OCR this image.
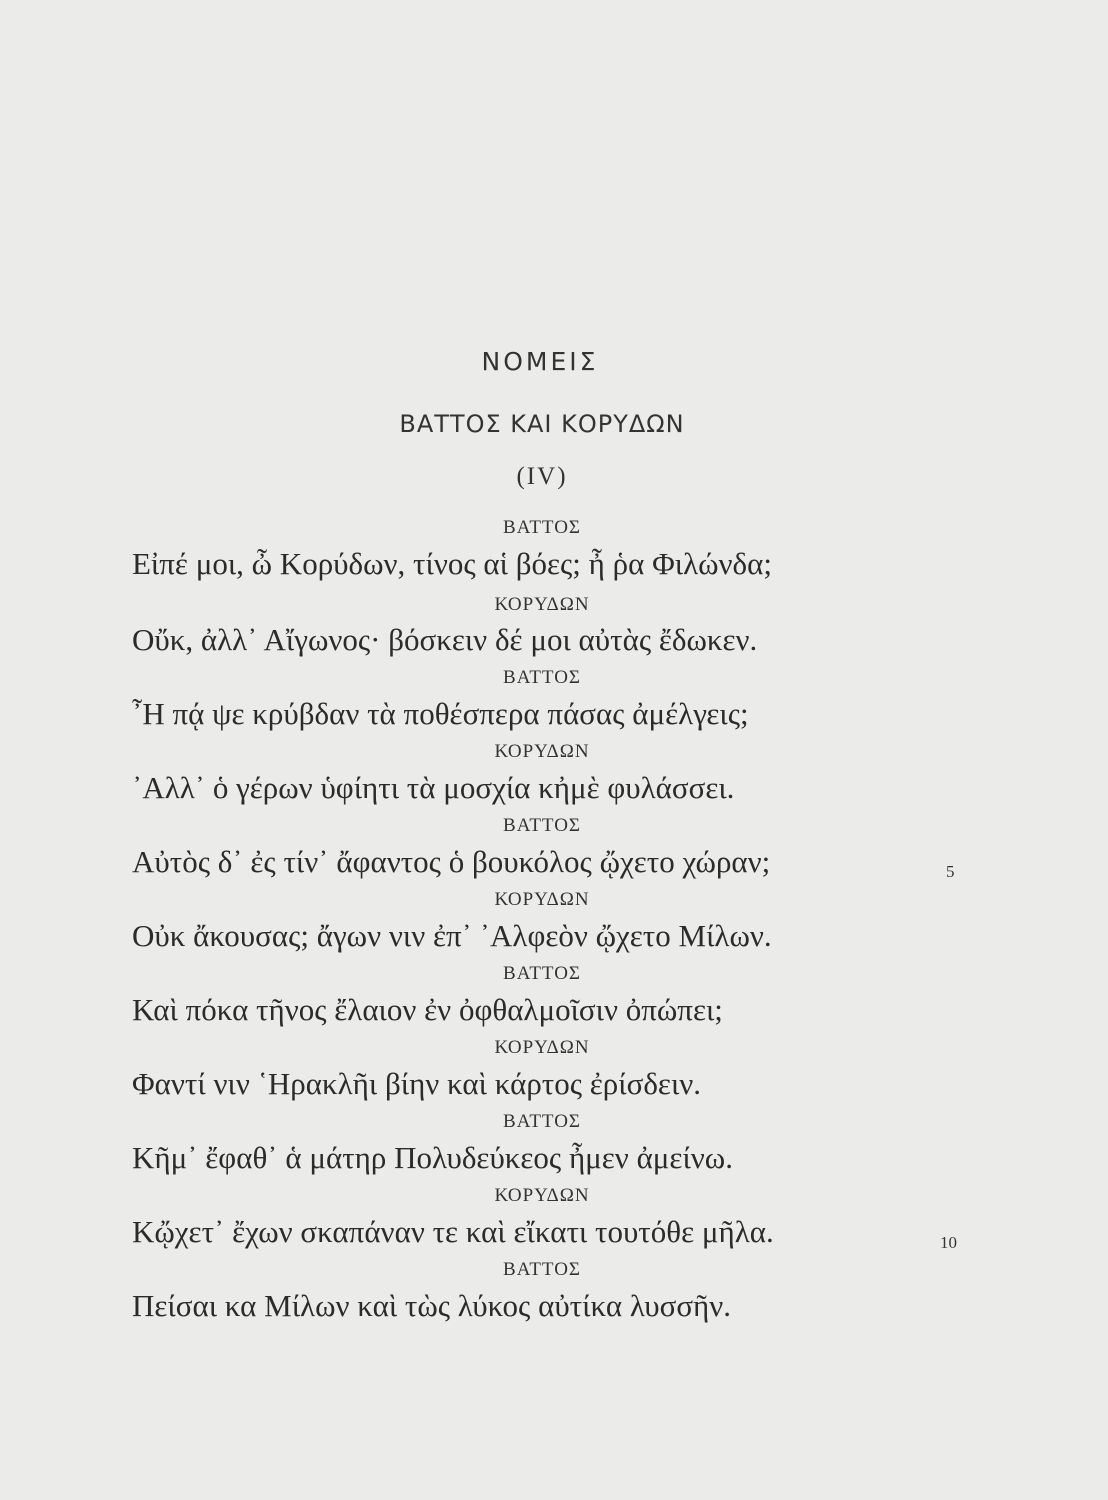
ΝΟΜΕΙΣ
ΒΑΤΤΟΣ ΚΑΙ ΚΟΡΥΔΩΝ
(IV)
ΒΑΤΤΟΣ
Εἰπέ μοι, ὦ Κορύδων, τίνος αἱ βόες; ἦ ῥα Φιλώνδα;
ΚΟΡΥΔΩΝ
Οὔκ, ἀλλ᾽ Αἴγωνος· βόσκειν δέ μοι αὐτὰς ἔδωκεν.
ΒΑΤΤΟΣ
῏Η πᾴ ψε κρύβδαν τὰ ποθέσπερα πάσας ἀμέλγεις;
ΚΟΡΥΔΩΝ
᾽Αλλ᾽ ὁ γέρων ὑφίητι τὰ μοσχία κἠμὲ φυλάσσει.
ΒΑΤΤΟΣ
Αὐτὸς δ᾽ ἐς τίν᾽ ἄφαντος ὁ βουκόλος ᾤχετο χώραν;	5
ΚΟΡΥΔΩΝ
Οὐκ ἄκουσας; ἄγων νιν ἐπ᾽ ᾽Αλφεὸν ᾤχετο Μίλων.
ΒΑΤΤΟΣ
Καὶ πόκα τῆνος ἔλαιον ἐν ὀφθαλμοῖσιν ὀπώπει;
ΚΟΡΥΔΩΝ
Φαντί νιν ῾Ηρακλῆι βίην καὶ κάρτος ἐρίσδειν.
ΒΑΤΤΟΣ
Κῆμ᾽ ἔφαθ᾽ ἁ μάτηρ Πολυδεύκεος ἦμεν ἀμείνω.
ΚΟΡΥΔΩΝ
Κᾤχετ᾽ ἔχων σκαπάναν τε καὶ εἴκατι τουτόθε μῆλα.	10
ΒΑΤΤΟΣ
Πείσαι κα Μίλων καὶ τὼς λύκος αὐτίκα λυσσῆν.
